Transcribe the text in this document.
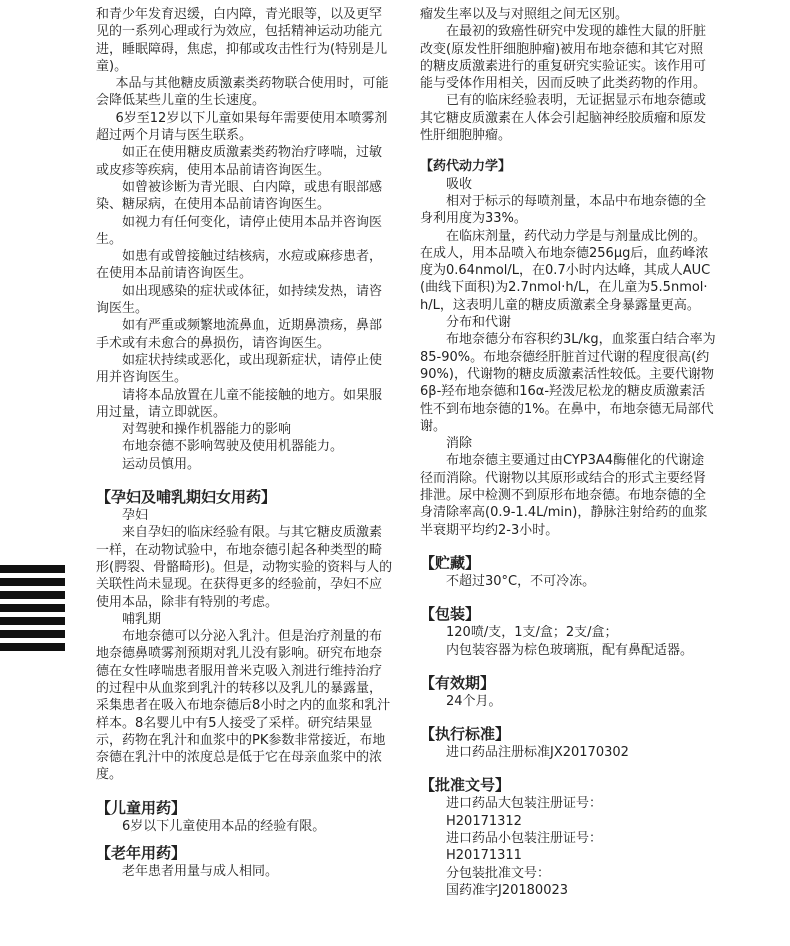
和青少年发育迟缓，白内障，青光眼等，以及更罕见的一系列心理或行为效应，包括精神运动功能亢进，睡眠障碍，焦虑，抑郁或攻击性行为(特别是儿童)。

本品与其他糖皮质激素类药物联合使用时，可能会降低某些儿童的生长速度。

6岁至12岁以下儿童如果每年需要使用本喷雾剂超过两个月请与医生联系。

如正在使用糖皮质激素类药物治疗哮喘，过敏或皮疹等疾病，使用本品前请咨询医生。

如曾被诊断为青光眼、白内障，或患有眼部感染、糖尿病，在使用本品前请咨询医生。

如视力有任何变化，请停止使用本品并咨询医生。

如患有或曾接触过结核病，水痘或麻疹患者，在使用本品前请咨询医生。

如出现感染的症状或体征，如持续发热，请咨询医生。

如有严重或频繁地流鼻血，近期鼻溃疡，鼻部手术或有未愈合的鼻损伤，请咨询医生。

如症状持续或恶化，或出现新症状，请停止使用并咨询医生。

请将本品放置在儿童不能接触的地方。如果服用过量，请立即就医。

对驾驶和操作机器能力的影响

布地奈德不影响驾驶及使用机器能力。

运动员慎用。

【孕妇及哺乳期妇女用药】

孕妇

来自孕妇的临床经验有限。与其它糖皮质激素一样，在动物试验中，布地奈德引起各种类型的畸形(腭裂、骨骼畸形)。但是，动物实验的资料与人的关联性尚未显现。在获得更多的经验前，孕妇不应使用本品，除非有特别的考虑。

哺乳期

布地奈德可以分泌入乳汁。但是治疗剂量的布地奈德鼻喷雾剂预期对乳儿没有影响。研究布地奈德在女性哮喘患者服用普米克吸入剂进行维持治疗的过程中从血浆到乳汁的转移以及乳儿的暴露量，采集患者在吸入布地奈德后8小时之内的血浆和乳汁样本。8名婴儿中有5人接受了采样。研究结果显示，药物在乳汁和血浆中的PK参数非常接近，布地奈德在乳汁中的浓度总是低于它在母亲血浆中的浓度。

【儿童用药】

6岁以下儿童使用本品的经验有限。

【老年用药】

老年患者用量与成人相同。

瘤发生率以及与对照组之间无区别。

在最初的致癌性研究中发现的雄性大鼠的肝脏改变(原发性肝细胞肿瘤)被用布地奈德和其它对照的糖皮质激素进行的重复研究实验证实。该作用可能与受体作用相关，因而反映了此类药物的作用。

已有的临床经验表明，无证据显示布地奈德或其它糖皮质激素在人体会引起脑神经胶质瘤和原发性肝细胞肿瘤。

【药代动力学】

吸收

相对于标示的每喷剂量，本品中布地奈德的全身利用度为33%。

在临床剂量，药代动力学是与剂量成比例的。在成人，用本品喷入布地奈德256μg后，血药峰浓度为0.64nmol/L，在0.7小时内达峰，其成人AUC(曲线下面积)为2.7nmol·h/L，在儿童为5.5nmol·h/L，这表明儿童的糖皮质激素全身暴露量更高。

分布和代谢

布地奈德分布容积约3L/kg，血浆蛋白结合率为85-90%。布地奈德经肝脏首过代谢的程度很高(约90%)，代谢物的糖皮质激素活性较低。主要代谢物6β-羟布地奈德和16α-羟泼尼松龙的糖皮质激素活性不到布地奈德的1%。在鼻中，布地奈德无局部代谢。

消除

布地奈德主要通过由CYP3A4酶催化的代谢途径而消除。代谢物以其原形或结合的形式主要经肾排泄。尿中检测不到原形布地奈德。布地奈德的全身清除率高(0.9-1.4L/min)，静脉注射给药的血浆半衰期平均约2-3小时。

【贮藏】

不超过30°C，不可冷冻。

【包装】

120喷/支，1支/盒；2支/盒；

内包装容器为棕色玻璃瓶，配有鼻配适器。

【有效期】

24个月。

【执行标准】

进口药品注册标准JX20170302

【批准文号】

进口药品大包装注册证号：

H20171312

进口药品小包装注册证号：

H20171311

分包装批准文号：

国药准字J20180023
